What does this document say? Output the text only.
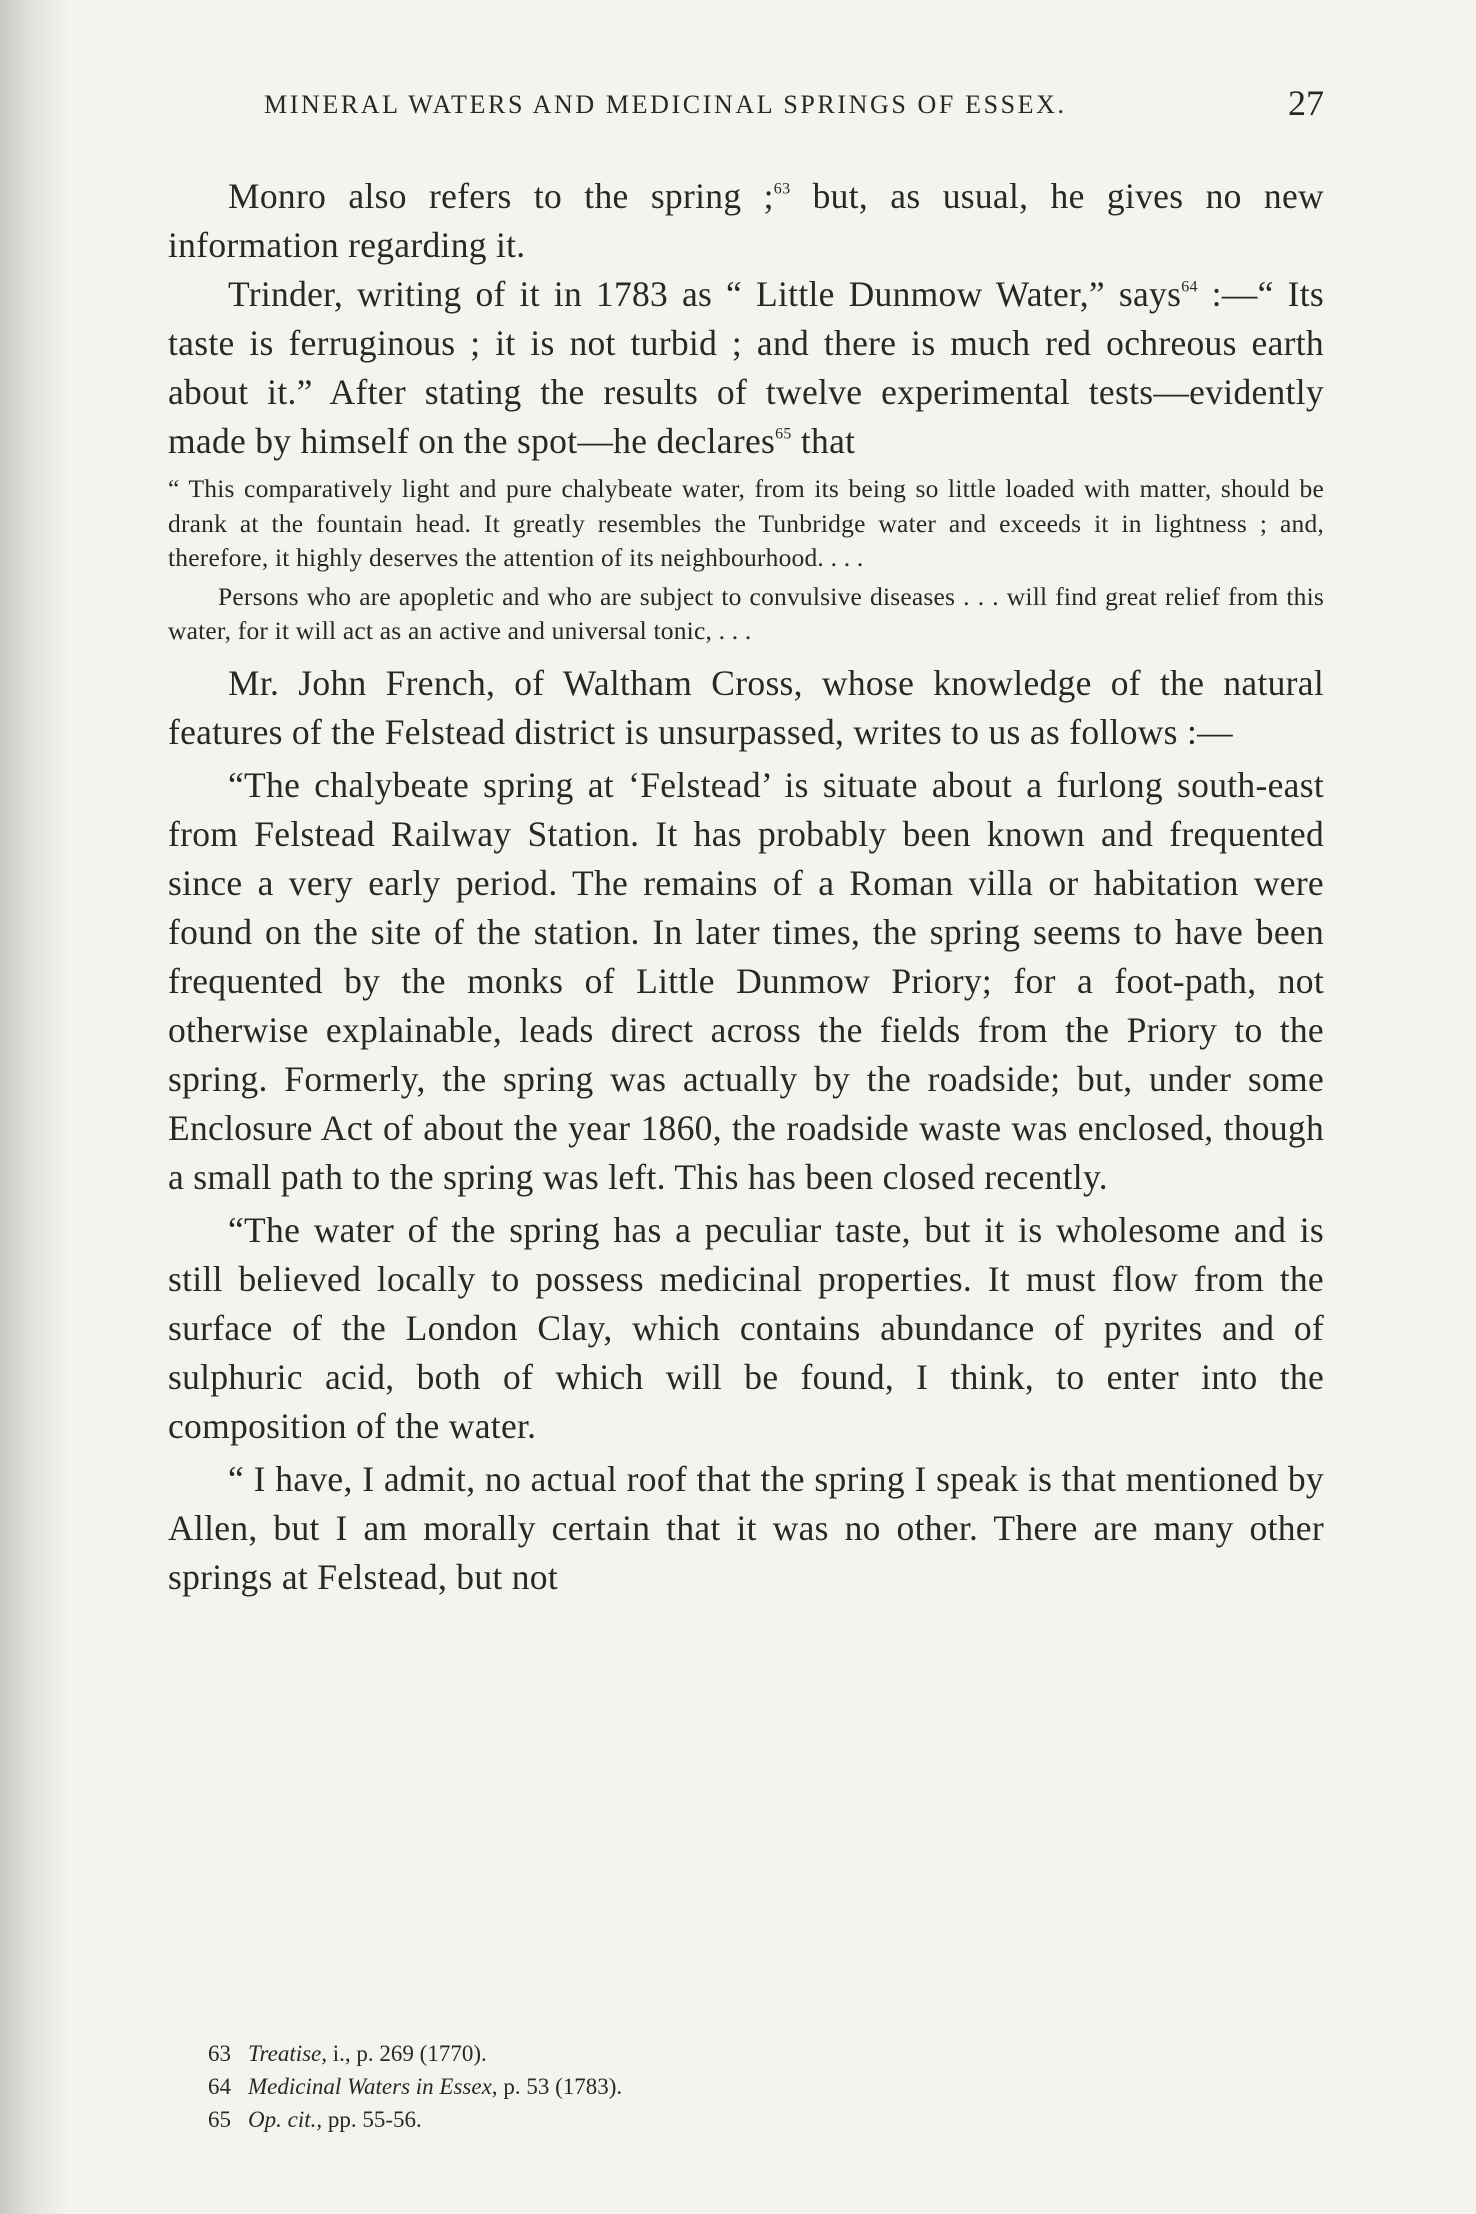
MINERAL WATERS AND MEDICINAL SPRINGS OF ESSEX.	27

Monro also refers to the spring ;$^{63}$ but, as usual, he gives no new information regarding it.

Trinder, writing of it in 1783 as “ Little Dunmow Water,” says$^{64}$ :—“ Its taste is ferruginous ; it is not turbid ; and there is much red ochreous earth about it.” After stating the results of twelve experimental tests—evidently made by himself on the spot—he declares$^{65}$ that

“ This comparatively light and pure chalybeate water, from its being so little loaded with matter, should be drank at the fountain head. It greatly resembles the Tunbridge water and exceeds it in lightness ; and, therefore, it highly deserves the attention of its neighbourhood. . . .

Persons who are apopletic and who are subject to convulsive diseases . . . will find great relief from this water, for it will act as an active and universal tonic, . . .

Mr. John French, of Waltham Cross, whose knowledge of the natural features of the Felstead district is unsurpassed, writes to us as follows :—

“The chalybeate spring at ‘Felstead’ is situate about a furlong south-east from Felstead Railway Station. It has probably been known and frequented since a very early period. The remains of a Roman villa or habitation were found on the site of the station. In later times, the spring seems to have been frequented by the monks of Little Dunmow Priory; for a foot-path, not otherwise explainable, leads direct across the fields from the Priory to the spring. Formerly, the spring was actually by the roadside; but, under some Enclosure Act of about the year 1860, the roadside waste was enclosed, though a small path to the spring was left. This has been closed recently.

“The water of the spring has a peculiar taste, but it is wholesome and is still believed locally to possess medicinal properties. It must flow from the surface of the London Clay, which contains abundance of pyrites and of sulphuric acid, both of which will be found, I think, to enter into the composition of the water.

“ I have, I admit, no actual roof that the spring I speak is that mentioned by Allen, but I am morally certain that it was no other. There are many other springs at Felstead, but not

63 Treatise, i., p. 269 (1770).
64 Medicinal Waters in Essex, p. 53 (1783).
65 Op. cit., pp. 55-56.
